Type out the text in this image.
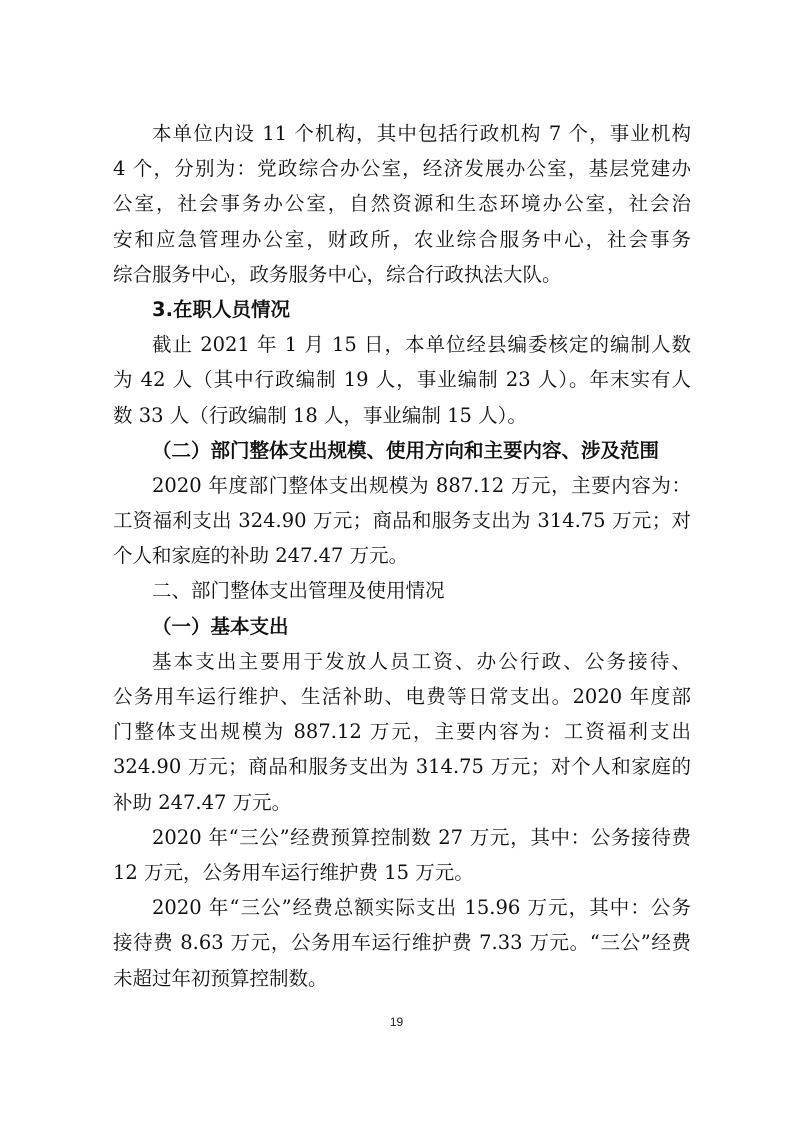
本单位内设 11 个机构，其中包括行政机构 7 个，事业机构
4 个，分别为：党政综合办公室，经济发展办公室，基层党建办
公室，社会事务办公室，自然资源和生态环境办公室，社会治
安和应急管理办公室，财政所，农业综合服务中心，社会事务
综合服务中心，政务服务中心，综合行政执法大队。
3.在职人员情况
截止 2021 年 1 月 15 日，本单位经县编委核定的编制人数
为 42 人（其中行政编制 19 人，事业编制 23 人）。年末实有人
数 33 人（行政编制 18 人，事业编制 15 人）。
（二）部门整体支出规模、使用方向和主要内容、涉及范围
2020 年度部门整体支出规模为 887.12 万元，主要内容为：
工资福利支出 324.90 万元；商品和服务支出为 314.75 万元；对
个人和家庭的补助 247.47 万元。
二、部门整体支出管理及使用情况
（一）基本支出
基本支出主要用于发放人员工资、办公行政、公务接待、
公务用车运行维护、生活补助、电费等日常支出。2020 年度部
门整体支出规模为 887.12 万元，主要内容为：工资福利支出
324.90 万元；商品和服务支出为 314.75 万元；对个人和家庭的
补助 247.47 万元。
2020 年“三公”经费预算控制数 27 万元，其中：公务接待费
12 万元，公务用车运行维护费 15 万元。
2020 年“三公”经费总额实际支出 15.96 万元，其中：公务
接待费 8.63 万元，公务用车运行维护费 7.33 万元。“三公”经费
未超过年初预算控制数。
19
